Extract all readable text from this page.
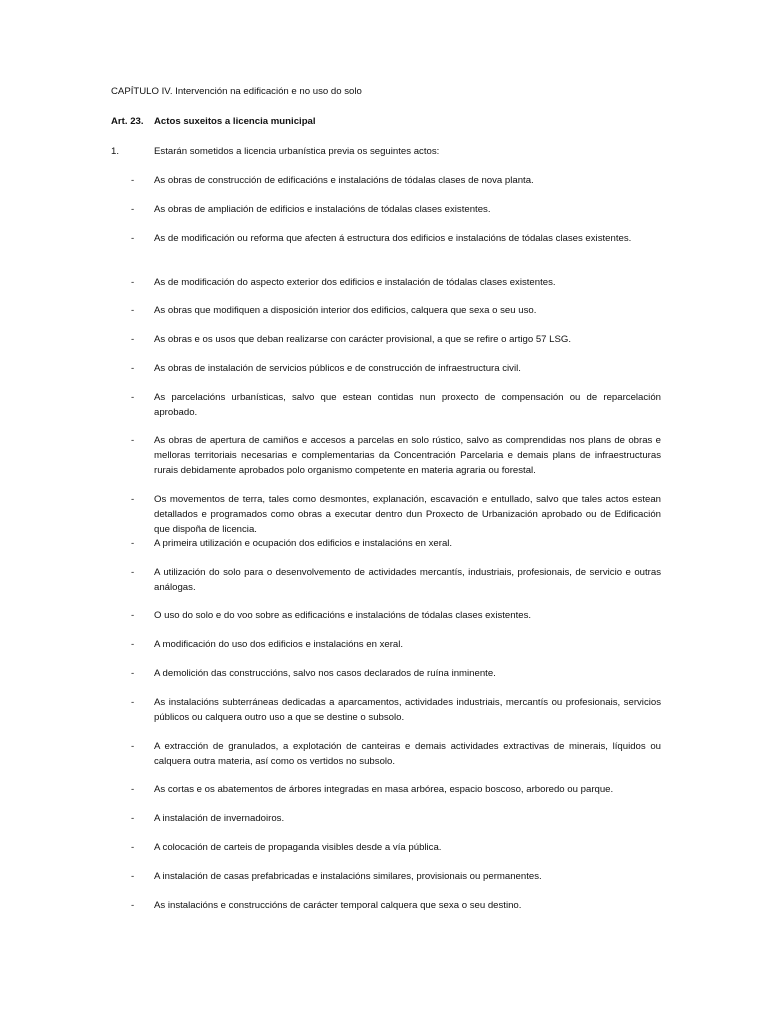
CAPÍTULO IV. Intervención na edificación e no uso do solo
Art. 23. Actos suxeitos a licencia municipal
1.	Estarán sometidos a licencia urbanística previa os seguintes actos:
- As obras de construcción de edificacións e instalacións de tódalas clases de nova planta.
- As obras de ampliación de edificios e instalacións de tódalas clases existentes.
- As de modificación ou reforma que afecten á estructura dos edificios e instalacións de tódalas clases existentes.
- As de modificación do aspecto exterior dos edificios e instalación de tódalas clases existentes.
- As obras que modifiquen a disposición interior dos edificios, calquera que sexa o seu uso.
- As obras e os usos que deban realizarse con carácter provisional, a que se refire o artigo 57 LSG.
- As obras de instalación de servicios públicos e de construcción de infraestructura civil.
- As parcelacións urbanísticas, salvo que estean contidas nun proxecto de compensación ou de reparcelación aprobado.
- As obras de apertura de camiños e accesos a parcelas en solo rústico, salvo as comprendidas nos plans de obras e melloras territoriais necesarias e complementarias da Concentración Parcelaria e demais plans de infraestructuras rurais debidamente aprobados polo organismo competente en materia agraria ou forestal.
- Os movementos de terra, tales como desmontes, explanación, escavación e entullado, salvo que tales actos estean detallados e programados como obras a executar dentro dun Proxecto de Urbanización aprobado ou de Edificación que dispoña de licencia.
- A primeira utilización e ocupación dos edificios e instalacións en xeral.
- A utilización do solo para o desenvolvemento de actividades mercantís, industriais, profesionais, de servicio e outras análogas.
- O uso do solo e do voo sobre as edificacións e instalacións de tódalas clases existentes.
- A modificación do uso dos edificios e instalacións en xeral.
- A demolición das construccións, salvo nos casos declarados de ruína inminente.
- As instalacións subterráneas dedicadas a aparcamentos, actividades industriais, mercantís ou profesionais, servicios públicos ou calquera outro uso a que se destine o subsolo.
- A extracción de granulados, a explotación de canteiras e demais actividades extractivas de minerais, líquidos ou calquera outra materia, así como os vertidos no subsolo.
- As cortas e os abatementos de árbores integradas en masa arbórea, espacio boscoso, arboredo ou parque.
- A instalación de invernadoiros.
- A colocación de carteis de propaganda visibles desde a vía pública.
- A instalación de casas prefabricadas e instalacións similares, provisionais ou permanentes.
- As instalacións e construccións de carácter temporal calquera que sexa o seu destino.
